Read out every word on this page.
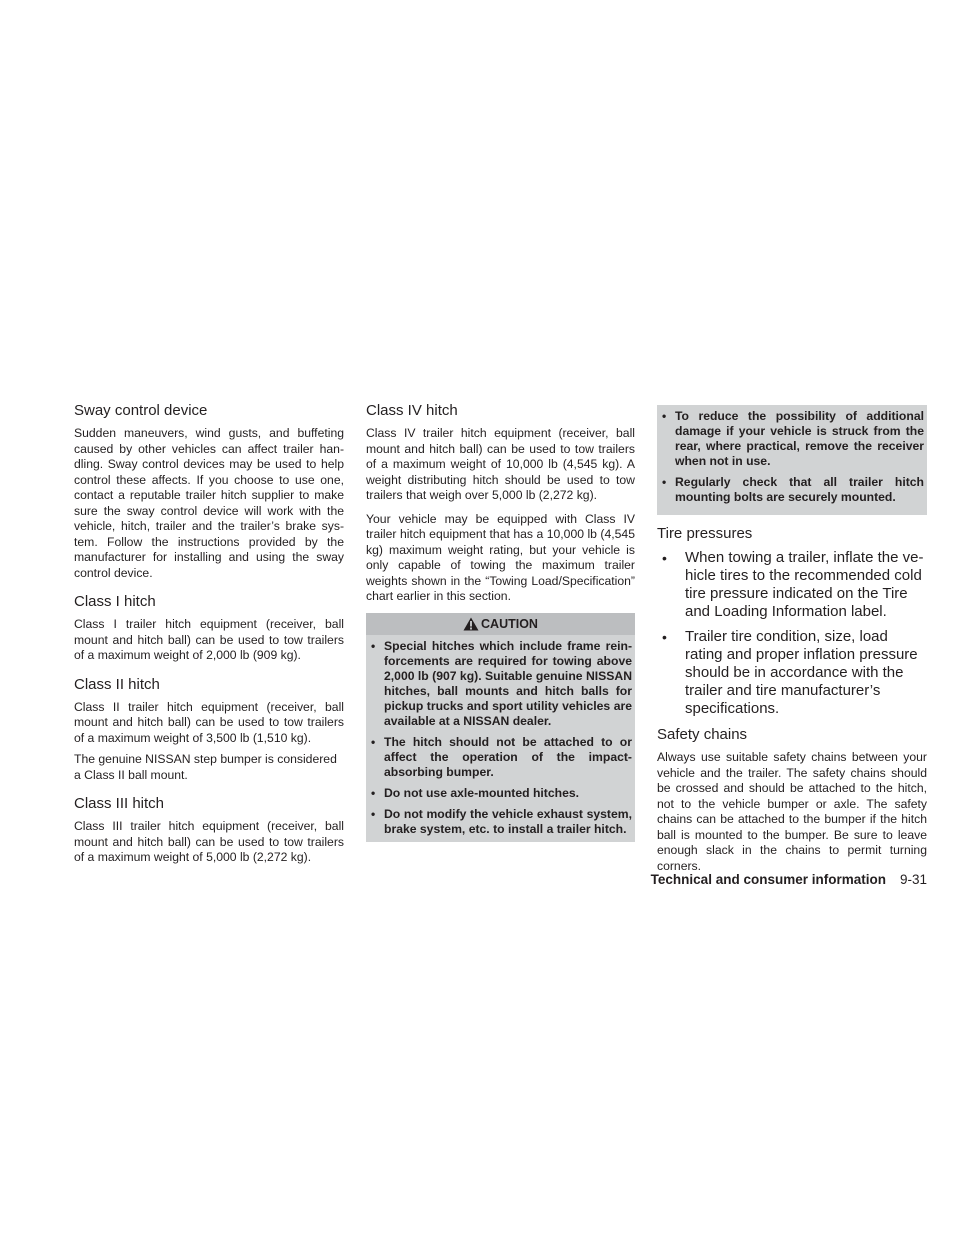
Sway control device

Sudden maneuvers, wind gusts, and buffeting caused by other vehicles can affect trailer handling. Sway control devices may be used to help control these affects. If you choose to use one, contact a reputable trailer hitch supplier to make sure the sway control device will work with the vehicle, hitch, trailer and the trailer’s brake system. Follow the instructions provided by the manufacturer for installing and using the sway control device.

Class I hitch

Class I trailer hitch equipment (receiver, ball mount and hitch ball) can be used to tow trailers of a maximum weight of 2,000 lb (909 kg).

Class II hitch

Class II trailer hitch equipment (receiver, ball mount and hitch ball) can be used to tow trailers of a maximum weight of 3,500 lb (1,510 kg).

The genuine NISSAN step bumper is considered a Class II ball mount.

Class III hitch

Class III trailer hitch equipment (receiver, ball mount and hitch ball) can be used to tow trailers of a maximum weight of 5,000 lb (2,272 kg).

Class IV hitch

Class IV trailer hitch equipment (receiver, ball mount and hitch ball) can be used to tow trailers of a maximum weight of 10,000 lb (4,545 kg). A weight distributing hitch should be used to tow trailers that weigh over 5,000 lb (2,272 kg).

Your vehicle may be equipped with Class IV trailer hitch equipment that has a 10,000 lb (4,545 kg) maximum weight rating, but your vehicle is only capable of towing the maximum trailer weights shown in the “Towing Load/Specification” chart earlier in this section.

CAUTION
• Special hitches which include frame reinforcements are required for towing above 2,000 lb (907 kg). Suitable genuine NISSAN hitches, ball mounts and hitch balls for pickup trucks and sport utility vehicles are available at a NISSAN dealer.
• The hitch should not be attached to or affect the operation of the impact-absorbing bumper.
• Do not use axle-mounted hitches.
• Do not modify the vehicle exhaust system, brake system, etc. to install a trailer hitch.
• To reduce the possibility of additional damage if your vehicle is struck from the rear, where practical, remove the receiver when not in use.
• Regularly check that all trailer hitch mounting bolts are securely mounted.
Tire pressures
• When towing a trailer, inflate the vehicle tires to the recommended cold tire pressure indicated on the Tire and Loading Information label.
• Trailer tire condition, size, load rating and proper inflation pressure should be in accordance with the trailer and tire manufacturer’s specifications.
Safety chains

Always use suitable safety chains between your vehicle and the trailer. The safety chains should be crossed and should be attached to the hitch, not to the vehicle bumper or axle. The safety chains can be attached to the bumper if the hitch ball is mounted to the bumper. Be sure to leave enough slack in the chains to permit turning corners.

Technical and consumer information 9-31
